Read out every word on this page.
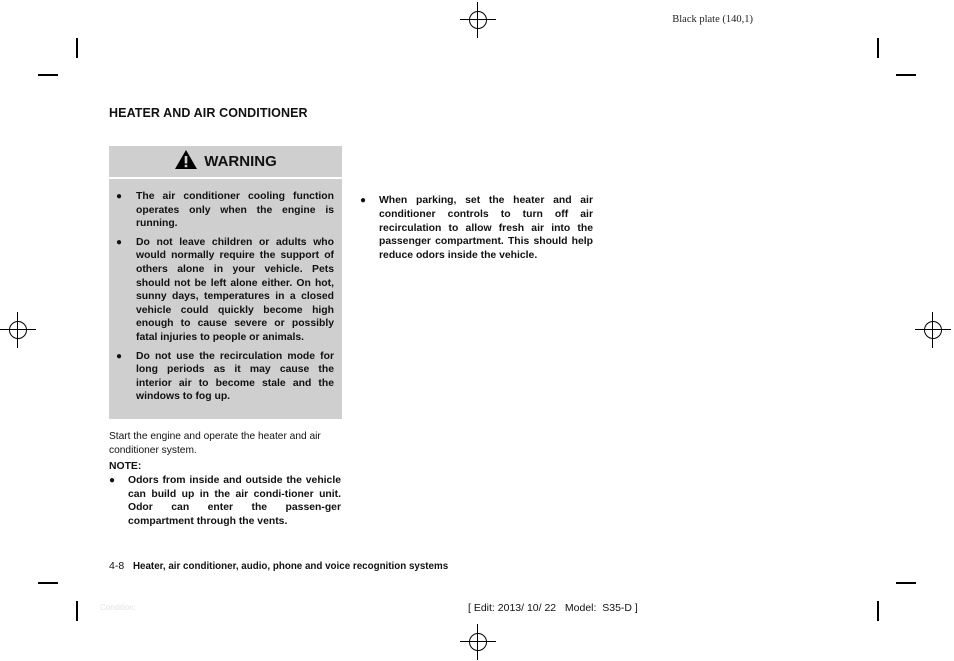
Black plate (140,1)
HEATER AND AIR CONDITIONER
WARNING
● The air conditioner cooling function operates only when the engine is running.
● Do not leave children or adults who would normally require the support of others alone in your vehicle. Pets should not be left alone either. On hot, sunny days, temperatures in a closed vehicle could quickly become high enough to cause severe or possibly fatal injuries to people or animals.
● Do not use the recirculation mode for long periods as it may cause the interior air to become stale and the windows to fog up.
Start the engine and operate the heater and air conditioner system.
NOTE:
● Odors from inside and outside the vehicle can build up in the air condi-tioner unit. Odor can enter the passen-ger compartment through the vents.
● When parking, set the heater and air conditioner controls to turn off air recirculation to allow fresh air into the passenger compartment. This should help reduce odors inside the vehicle.
4-8 Heater, air conditioner, audio, phone and voice recognition systems
Condition:	[ Edit: 2013/ 10/ 22   Model:  S35-D ]
